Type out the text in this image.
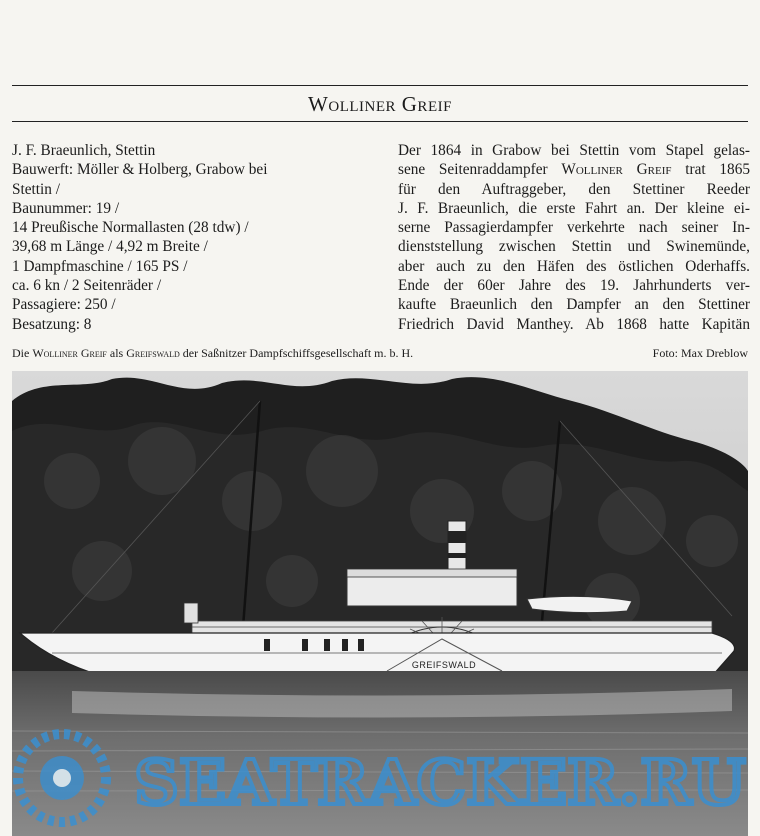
Wolliner Greif
J. F. Braeunlich, Stettin
Bauwerft: Möller & Holberg, Grabow bei
Stettin /
Baunummer: 19 /
14 Preußische Normallasten (28 tdw) /
39,68 m Länge / 4,92 m Breite /
1 Dampfmaschine / 165 PS /
ca. 6 kn / 2 Seitenräder /
Passagiere: 250 /
Besatzung: 8
Der 1864 in Grabow bei Stettin vom Stapel gelas-
sene Seitenraddampfer Wolliner Greif trat 1865
für den Auftraggeber, den Stettiner Reeder
J. F. Braeunlich, die erste Fahrt an. Der kleine ei-
serne Passagierdampfer verkehrte nach seiner In-
dienststellung zwischen Stettin und Swinemünde,
aber auch zu den Häfen des östlichen Oderhaffs.
Ende der 60er Jahre des 19. Jahrhunderts ver-
kaufte Braeunlich den Dampfer an den Stettiner
Friedrich David Manthey. Ab 1868 hatte Kapitän
Die Wolliner Greif als Greifswald der Saßnitzer Dampfschiffsgesellschaft m. b. H.	Foto: Max Dreblow
GREIFSWALD
SEATRACKER.RU
